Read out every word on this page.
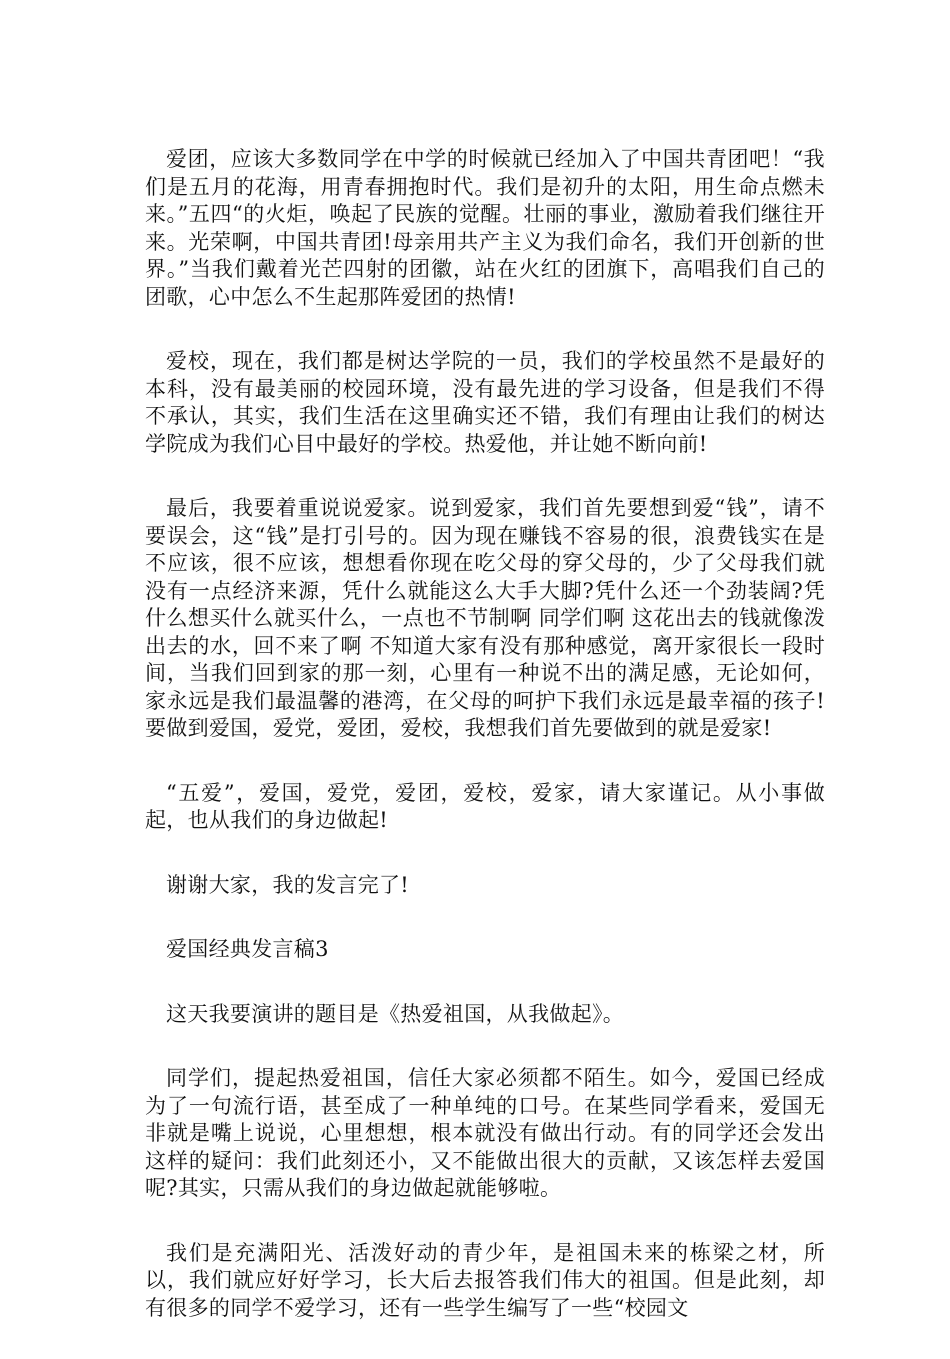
爱团，应该大多数同学在中学的时候就已经加入了中国共青团吧！“我们是五月的花海，用青春拥抱时代。我们是初升的太阳，用生命点燃未来。”五四“的火炬，唤起了民族的觉醒。壮丽的事业，激励着我们继往开来。光荣啊，中国共青团!母亲用共产主义为我们命名，我们开创新的世界。”当我们戴着光芒四射的团徽，站在火红的团旗下，高唱我们自己的团歌，心中怎么不生起那阵爱团的热情!

爱校，现在，我们都是树达学院的一员，我们的学校虽然不是最好的本科，没有最美丽的校园环境，没有最先进的学习设备，但是我们不得不承认，其实，我们生活在这里确实还不错，我们有理由让我们的树达学院成为我们心目中最好的学校。热爱他，并让她不断向前!

最后，我要着重说说爱家。说到爱家，我们首先要想到爱“钱”，请不要误会，这“钱”是打引号的。因为现在赚钱不容易的很，浪费钱实在是不应该，很不应该，想想看你现在吃父母的穿父母的，少了父母我们就没有一点经济来源，凭什么就能这么大手大脚?凭什么还一个劲装阔?凭什么想买什么就买什么，一点也不节制啊 同学们啊 这花出去的钱就像泼出去的水，回不来了啊 不知道大家有没有那种感觉，离开家很长一段时间，当我们回到家的那一刻，心里有一种说不出的满足感，无论如何，家永远是我们最温馨的港湾，在父母的呵护下我们永远是最幸福的孩子!要做到爱国，爱党，爱团，爱校，我想我们首先要做到的就是爱家!

“五爱”，爱国，爱党，爱团，爱校，爱家，请大家谨记。从小事做起，也从我们的身边做起!

谢谢大家，我的发言完了!

爱国经典发言稿3

这天我要演讲的题目是《热爱祖国，从我做起》。

同学们，提起热爱祖国，信任大家必须都不陌生。如今，爱国已经成为了一句流行语，甚至成了一种单纯的口号。在某些同学看来，爱国无非就是嘴上说说，心里想想，根本就没有做出行动。有的同学还会发出这样的疑问：我们此刻还小，又不能做出很大的贡献，又该怎样去爱国呢?其实，只需从我们的身边做起就能够啦。

我们是充满阳光、活泼好动的青少年，是祖国未来的栋梁之材，所以，我们就应好好学习，长大后去报答我们伟大的祖国。但是此刻，却有很多的同学不爱学习，还有一些学生编写了一些“校园文
